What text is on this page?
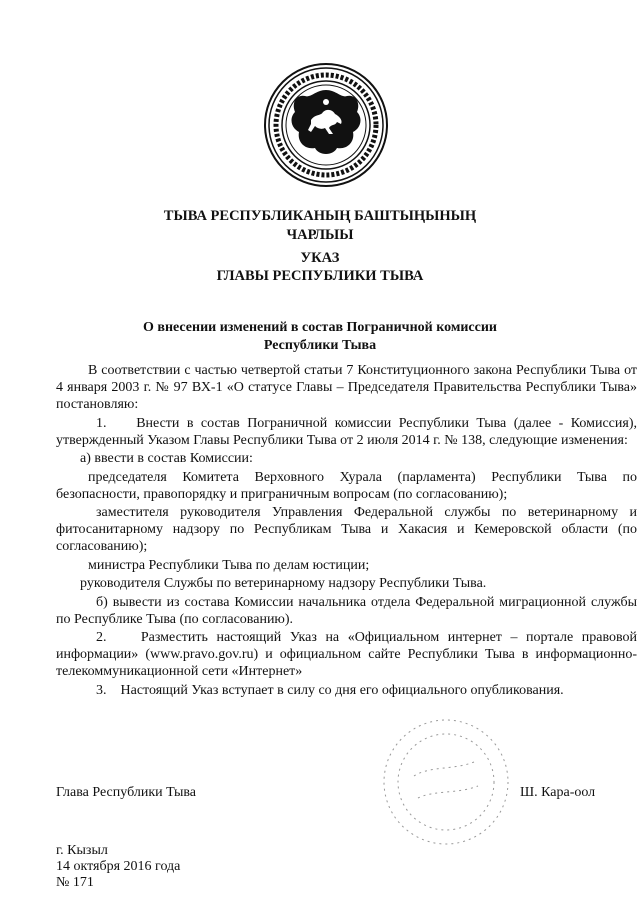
ТЫВА РЕСПУБЛИКАНЫҢ БАШТЫҢЫНЫҢ
ЧАРЛЫЫ
УКАЗ
ГЛАВЫ РЕСПУБЛИКИ ТЫВА
О внесении изменений в состав Пограничной комиссии
Республики Тыва

В соответствии с частью четвертой статьи 7 Конституционного закона Республики Тыва от 4 января 2003 г. № 97 ВХ-1 «О статусе Главы – Председателя Правительства Республики Тыва» постановляю:

1.    Внести в состав Пограничной комиссии Республики Тыва (далее - Комиссия), утвержденный Указом Главы Республики Тыва от 2 июля 2014 г. № 138, следующие изменения:

а) ввести в состав Комиссии:

председателя Комитета Верховного Хурала (парламента) Республики Тыва по безопасности, правопорядку и приграничным вопросам (по согласованию);

заместителя руководителя Управления Федеральной службы по ветеринарному и фитосанитарному надзору по Республикам Тыва и Хакасия и Кемеровской области (по согласованию);

министра Республики Тыва по делам юстиции;

руководителя Службы по ветеринарному надзору Республики Тыва.

б) вывести из состава Комиссии начальника отдела Федеральной миграционной службы по Республике Тыва (по согласованию).

2.    Разместить настоящий Указ на «Официальном интернет – портале правовой информации» (www.pravo.gov.ru) и официальном сайте Республики Тыва в информационно-телекоммуникационной сети «Интернет»

3.    Настоящий Указ вступает в силу со дня его официального опубликования.

Глава Республики Тыва	Ш. Кара-оол
г. Кызыл
14 октября 2016 года
№ 171
